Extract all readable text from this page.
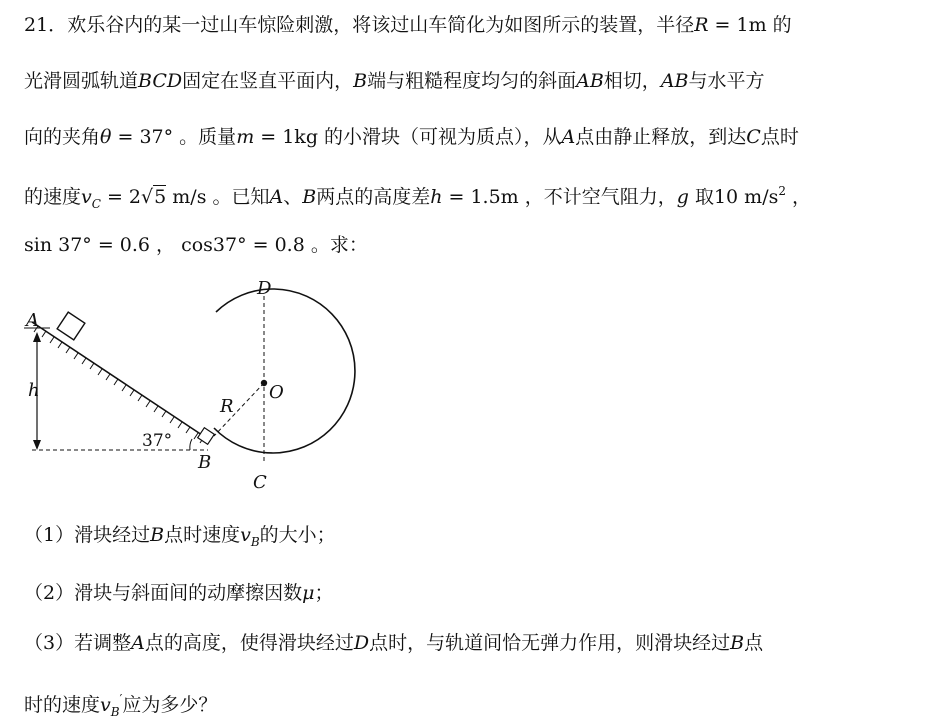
21．欢乐谷内的某一过山车惊险刺激，将该过山车简化为如图所示的装置，半径R = 1m 的
光滑圆弧轨道BCD固定在竖直平面内，B端与粗糙程度均匀的斜面AB相切，AB与水平方
向的夹角θ = 37° 。质量m = 1kg 的小滑块（可视为质点），从A点由静止释放，到达C点时
的速度$v_C = 2√5$ m/s 。已知A、B两点的高度差h = 1.5m ，不计空气阻力，g 取10 $m/s^2$ ，
sin 37° = 0.6 ， cos37° = 0.8 。求：
A
h
37°
B
C
D
O
R
（1）滑块经过B点时速度$v_B$的大小；
（2）滑块与斜面间的动摩擦因数μ；
（3）若调整A点的高度，使得滑块经过D点时，与轨道间恰无弹力作用，则滑块经过B点
时的速度$v_B'$应为多少？
